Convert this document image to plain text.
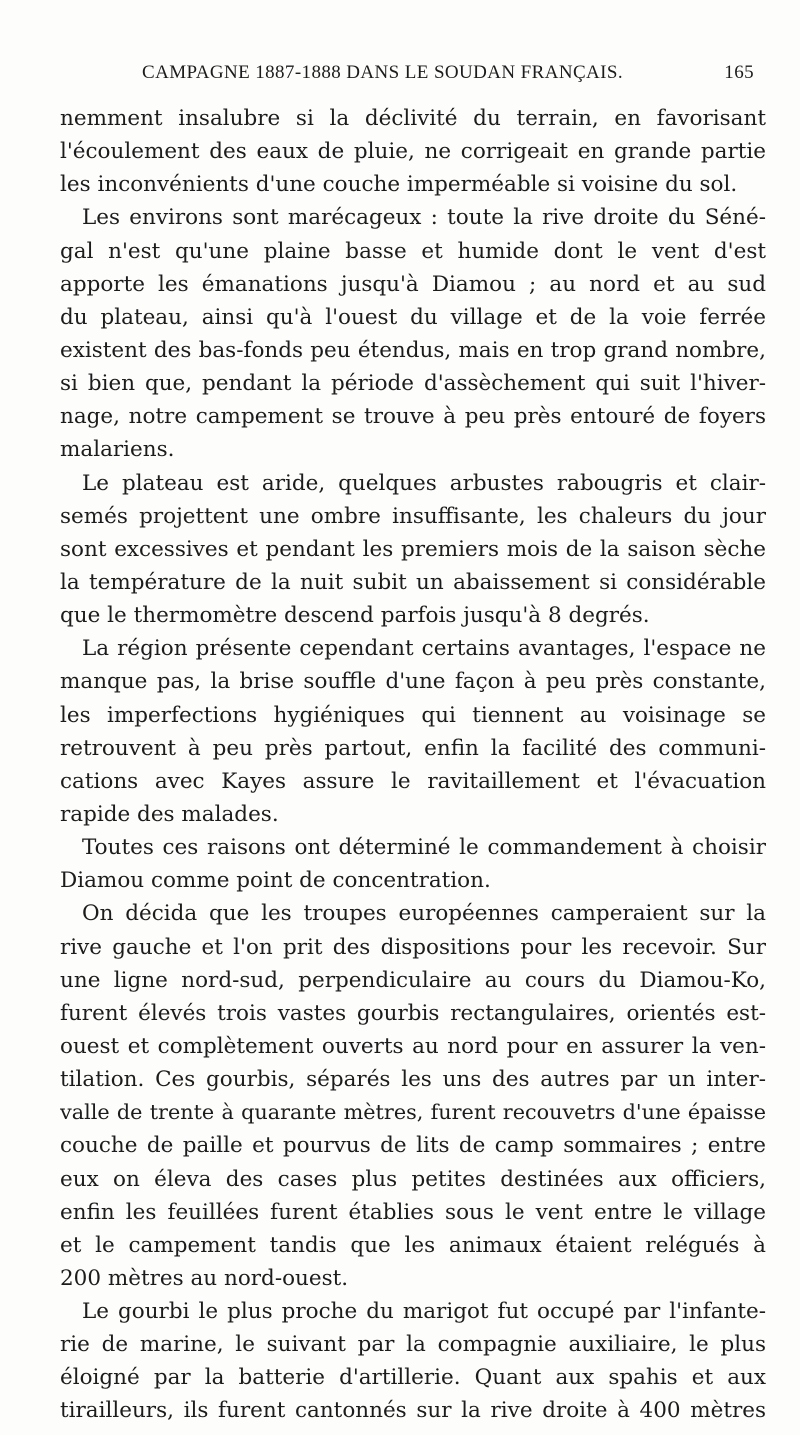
CAMPAGNE 1887-1888 DANS LE SOUDAN FRANÇAIS.	165
nemment insalubre si la déclivité du terrain, en favorisant
l'écoulement des eaux de pluie, ne corrigeait en grande partie
les inconvénients d'une couche imperméable si voisine du sol.
Les environs sont marécageux : toute la rive droite du Séné-
gal n'est qu'une plaine basse et humide dont le vent d'est
apporte les émanations jusqu'à Diamou ; au nord et au sud
du plateau, ainsi qu'à l'ouest du village et de la voie ferrée
existent des bas-fonds peu étendus, mais en trop grand nombre,
si bien que, pendant la période d'assèchement qui suit l'hiver-
nage, notre campement se trouve à peu près entouré de foyers
malariens.
Le plateau est aride, quelques arbustes rabougris et clair-
semés projettent une ombre insuffisante, les chaleurs du jour
sont excessives et pendant les premiers mois de la saison sèche
la température de la nuit subit un abaissement si considérable
que le thermomètre descend parfois jusqu'à 8 degrés.
La région présente cependant certains avantages, l'espace ne
manque pas, la brise souffle d'une façon à peu près constante,
les imperfections hygiéniques qui tiennent au voisinage se
retrouvent à peu près partout, enfin la facilité des communi-
cations avec Kayes assure le ravitaillement et l'évacuation
rapide des malades.
Toutes ces raisons ont déterminé le commandement à choisir
Diamou comme point de concentration.
On décida que les troupes européennes camperaient sur la
rive gauche et l'on prit des dispositions pour les recevoir. Sur
une ligne nord-sud, perpendiculaire au cours du Diamou-Ko,
furent élevés trois vastes gourbis rectangulaires, orientés est-
ouest et complètement ouverts au nord pour en assurer la ven-
tilation. Ces gourbis, séparés les uns des autres par un inter-
valle de trente à quarante mètres, furent recouvetrs d'une épaisse
couche de paille et pourvus de lits de camp sommaires ; entre
eux on éleva des cases plus petites destinées aux officiers,
enfin les feuillées furent établies sous le vent entre le village
et le campement tandis que les animaux étaient relégués à
200 mètres au nord-ouest.
Le gourbi le plus proche du marigot fut occupé par l'infante-
rie de marine, le suivant par la compagnie auxiliaire, le plus
éloigné par la batterie d'artillerie. Quant aux spahis et aux
tirailleurs, ils furent cantonnés sur la rive droite à 400 mètres
